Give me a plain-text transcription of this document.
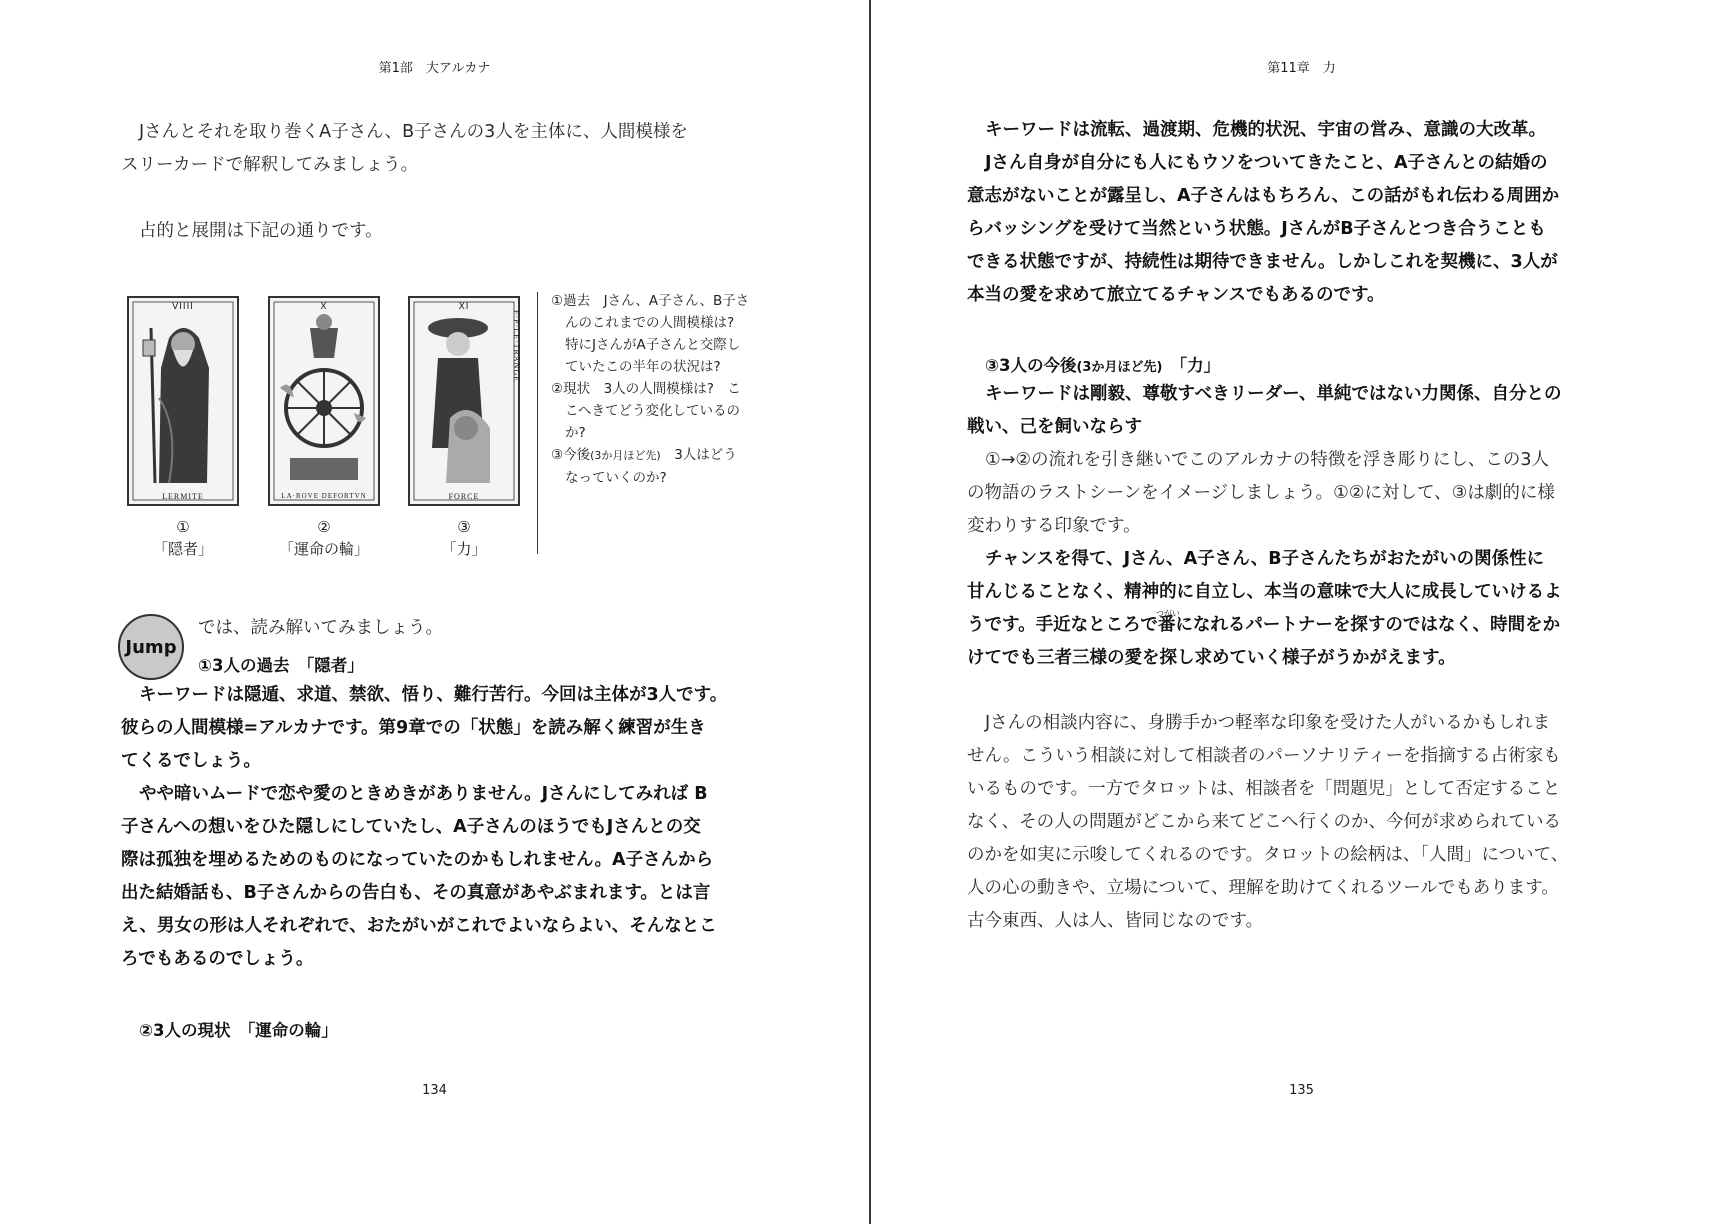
第1部　大アルカナ

Jさんとそれを取り巻くA子さん、B子さんの3人を主体に、人間模様を

スリーカードで解釈してみましょう。

占的と展開は下記の通りです。
VIIII
LERMITE
①
「隠者」
X
LA·ROVE DEFORTVN
②
「運命の輪」
XI
FORCE
F·P·LE·TRANGE
③
「力」

①過去　Jさん、A子さん、B子さ

んのこれまでの人間模様は?

特にJさんがA子さんと交際し

ていたこの半年の状況は?

②現状　3人の人間模様は?　こ

こへきてどう変化しているの

か?

③今後(3か月ほど先)　 3人はどう

なっていくのか?

Jump
では、読み解いてみましょう。
①3人の過去　「隠者」

キーワードは隠遁、求道、禁欲、悟り、難行苦行。今回は主体が3人です。

彼らの人間模様=アルカナです。第9章での「状態」を読み解く練習が生き

てくるでしょう。

やや暗いムードで恋や愛のときめきがありません。Jさんにしてみれば B

子さんへの想いをひた隠しにしていたし、A子さんのほうでもJさんとの交

際は孤独を埋めるためのものになっていたのかもしれません。A子さんから

出た結婚話も、B子さんからの告白も、その真意があやぶまれます。とは言

え、男女の形は人それぞれで、おたがいがこれでよいならよい、そんなとこ

ろでもあるのでしょう。

②3人の現状　「運命の輪」
134
第11章　力

キーワードは流転、過渡期、危機的状況、宇宙の営み、意識の大改革。

Jさん自身が自分にも人にもウソをついてきたこと、A子さんとの結婚の

意志がないことが露呈し、A子さんはもちろん、この話がもれ伝わる周囲か

らバッシングを受けて当然という状態。JさんがB子さんとつき合うことも

できる状態ですが、持続性は期待できません。しかしこれを契機に、3人が

本当の愛を求めて旅立てるチャンスでもあるのです。

③3人の今後(3か月ほど先)　 「力」

キーワードは剛毅、尊敬すべきリーダー、単純ではない力関係、自分との

戦い、己を飼いならす

①→②の流れを引き継いでこのアルカナの特徴を浮き彫りにし、この3人

の物語のラストシーンをイメージしましょう。①②に対して、③は劇的に様

変わりする印象です。

チャンスを得て、Jさん、A子さん、B子さんたちがおたがいの関係性に

甘んじることなく、精神的に自立し、本当の意味で大人に成長していけるよ

うです。手近なところで
つがい
番になれるパートナーを探すのではなく、時間をか

けてでも三者三様の愛を探し求めていく様子がうかがえます。

Jさんの相談内容に、身勝手かつ軽率な印象を受けた人がいるかもしれま

せん。こういう相談に対して相談者のパーソナリティーを指摘する占術家も

いるものです。一方でタロットは、相談者を「問題児」として否定すること

なく、その人の問題がどこから来てどこへ行くのか、今何が求められている

のかを如実に示唆してくれるのです。タロットの絵柄は、「人間」について、

人の心の動きや、立場について、理解を助けてくれるツールでもあります。

古今東西、人は人、皆同じなのです。

135
